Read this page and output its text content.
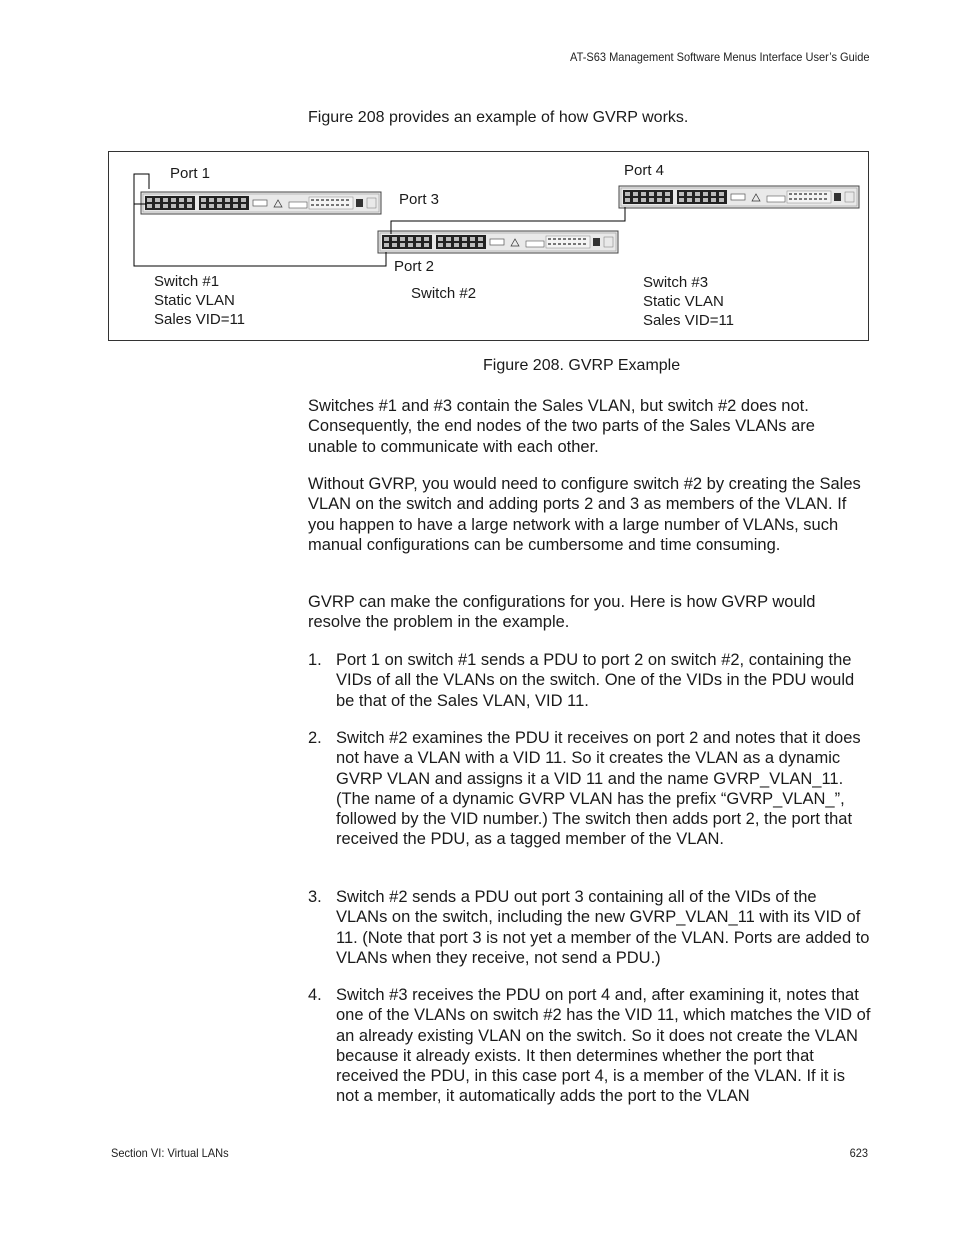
AT-S63 Management Software Menus Interface User’s Guide
Figure 208 provides an example of how GVRP works.
Port 1
Port 3
Port 4
Port 2
Switch #1
Static VLAN
Sales VID=11
Switch #2
Switch #3
Static VLAN
Sales VID=11
Figure 208. GVRP Example

Switches #1 and #3 contain the Sales VLAN, but switch #2 does not. Consequently, the end nodes of the two parts of the Sales VLANs are unable to communicate with each other.

Without GVRP, you would need to configure switch #2 by creating the Sales VLAN on the switch and adding ports 2 and 3 as members of the VLAN. If you happen to have a large network with a large number of VLANs, such manual configurations can be cumbersome and time consuming.

GVRP can make the configurations for you. Here is how GVRP would resolve the problem in the example.

1. Port 1 on switch #1 sends a PDU to port 2 on switch #2, containing the VIDs of all the VLANs on the switch. One of the VIDs in the PDU would be that of the Sales VLAN, VID 11.
2. Switch #2 examines the PDU it receives on port 2 and notes that it does not have a VLAN with a VID 11. So it creates the VLAN as a dynamic GVRP VLAN and assigns it a VID 11 and the name GVRP_VLAN_11. (The name of a dynamic GVRP VLAN has the prefix “GVRP_VLAN_”, followed by the VID number.) The switch then adds port 2, the port that received the PDU, as a tagged member of the VLAN.
3. Switch #2 sends a PDU out port 3 containing all of the VIDs of the VLANs on the switch, including the new GVRP_VLAN_11 with its VID of 11. (Note that port 3 is not yet a member of the VLAN. Ports are added to VLANs when they receive, not send a PDU.)
4. Switch #3 receives the PDU on port 4 and, after examining it, notes that one of the VLANs on switch #2 has the VID 11, which matches the VID of an already existing VLAN on the switch. So it does not create the VLAN because it already exists. It then determines whether the port that received the PDU, in this case port 4, is a member of the VLAN. If it is not a member, it automatically adds the port to the VLAN
Section VI: Virtual LANs	623
